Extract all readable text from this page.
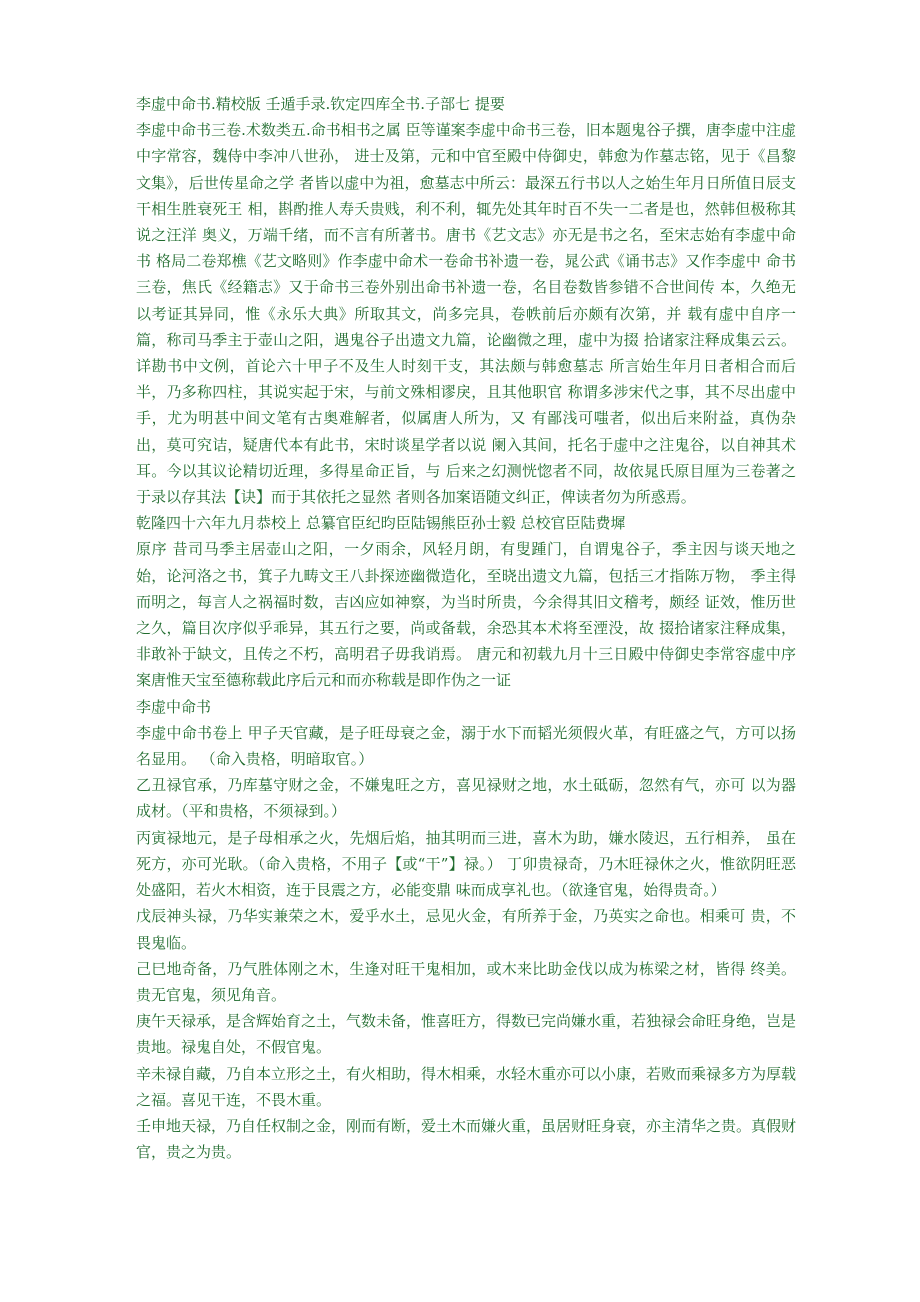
李虚中命书.精校版 壬遁手录.钦定四库全书.子部七 提要

李虚中命书三卷.术数类五.命书相书之属 臣等谨案李虚中命书三卷，旧本题鬼谷子撰，唐李虚中注虚中字常容，魏侍中李冲八世孙， 进士及第，元和中官至殿中侍御史，韩愈为作墓志铭，见于《昌黎文集》，后世传星命之学 者皆以虚中为祖，愈墓志中所云：最深五行书以人之始生年月日所值日辰支干相生胜衰死王 相，斟酌推人寿夭贵贱，利不利，辄先处其年时百不失一二者是也，然韩但极称其说之汪洋 奥义，万端千绪，而不言有所著书。唐书《艺文志》亦无是书之名，至宋志始有李虚中命书 格局二卷郑樵《艺文略则》作李虚中命术一卷命书补遗一卷，晁公武《诵书志》又作李虚中 命书三卷，焦氏《经籍志》又于命书三卷外别出命书补遗一卷，名目卷数皆参错不合世间传 本，久绝无以考证其异同，惟《永乐大典》所取其文，尚多完具，卷帙前后亦颇有次第，并 载有虚中自序一篇，称司马季主于壶山之阳，遇鬼谷子出遗文九篇，论幽微之理，虚中为掇 拾诸家注释成集云云。详勘书中文例，首论六十甲子不及生人时刻干支，其法颇与韩愈墓志 所言始生年月日者相合而后半，乃多称四柱，其说实起于宋，与前文殊相谬戾，且其他职官 称谓多涉宋代之事，其不尽出虚中手，尤为明甚中间文笔有古奥难解者，似属唐人所为，又 有鄙浅可嗤者，似出后来附益，真伪杂出，莫可究诘，疑唐代本有此书，宋时谈星学者以说 阑入其间，托名于虚中之注鬼谷，以自神其术耳。今以其议论精切近理，多得星命正旨，与 后来之幻测恍惚者不同，故依晁氏原目厘为三卷著之于录以存其法【诀】而于其依托之显然 者则各加案语随文纠正，俾读者勿为所惑焉。

乾隆四十六年九月恭校上 总纂官臣纪昀臣陆锡熊臣孙士毅 总校官臣陆费墀

原序 昔司马季主居壶山之阳，一夕雨余，风轻月朗，有叟踵门，自谓鬼谷子，季主因与谈天地之 始，论河洛之书，箕子九畴文王八卦探迹幽微造化，至晓出遗文九篇，包括三才指陈万物， 季主得而明之，每言人之祸福时数，吉凶应如神察，为当时所贵，今余得其旧文稽考，颇经 证效，惟历世之久，篇目次序似乎乖异，其五行之要，尚或备载，余恐其本术将至湮没，故 掇拾诸家注释成集，非敢补于缺文，且传之不朽，高明君子毋我诮焉。 唐元和初载九月十三日殿中侍御史李常容虚中序 案唐惟天宝至德称载此序后元和而亦称载是即作伪之一证

李虚中命书

李虚中命书卷上 甲子天官藏，是子旺母衰之金，溺于水下而韬光须假火革，有旺盛之气，方可以扬名显用。 （命入贵格，明暗取官。）

乙丑禄官承，乃库墓守财之金，不嫌鬼旺之方，喜见禄财之地，水土砥砺，忽然有气，亦可 以为器成材。（平和贵格，不须禄到。）

丙寅禄地元，是子母相承之火，先烟后焰，抽其明而三进，喜木为助，嫌水陵迟，五行相养， 虽在死方，亦可光耿。（命入贵格，不用子【或“干”】禄。） 丁卯贵禄奇，乃木旺禄休之火，惟欲阴旺恶处盛阳，若火木相资，连于艮震之方，必能变鼎 味而成享礼也。（欲逢官鬼，始得贵奇。）

戊辰神头禄，乃华实兼荣之木，爱乎水土，忌见火金，有所养于金，乃英实之命也。相乘可 贵，不畏鬼临。

己巳地奇备，乃气胜体刚之木，生逢对旺干鬼相加，或木来比助金伐以成为栋梁之材，皆得 终美。贵无官鬼，须见角音。

庚午天禄承，是含辉始育之土，气数未备，惟喜旺方，得数已完尚嫌水重，若独禄会命旺身绝，岂是贵地。禄鬼自处，不假官鬼。

辛未禄自藏，乃自本立形之土，有火相助，得木相乘，水轻木重亦可以小康，若败而乘禄多方为厚载之福。喜见干连，不畏木重。

壬申地天禄，乃自任权制之金，刚而有断，爱土木而嫌火重，虽居财旺身衰，亦主清华之贵。真假财官，贵之为贵。
